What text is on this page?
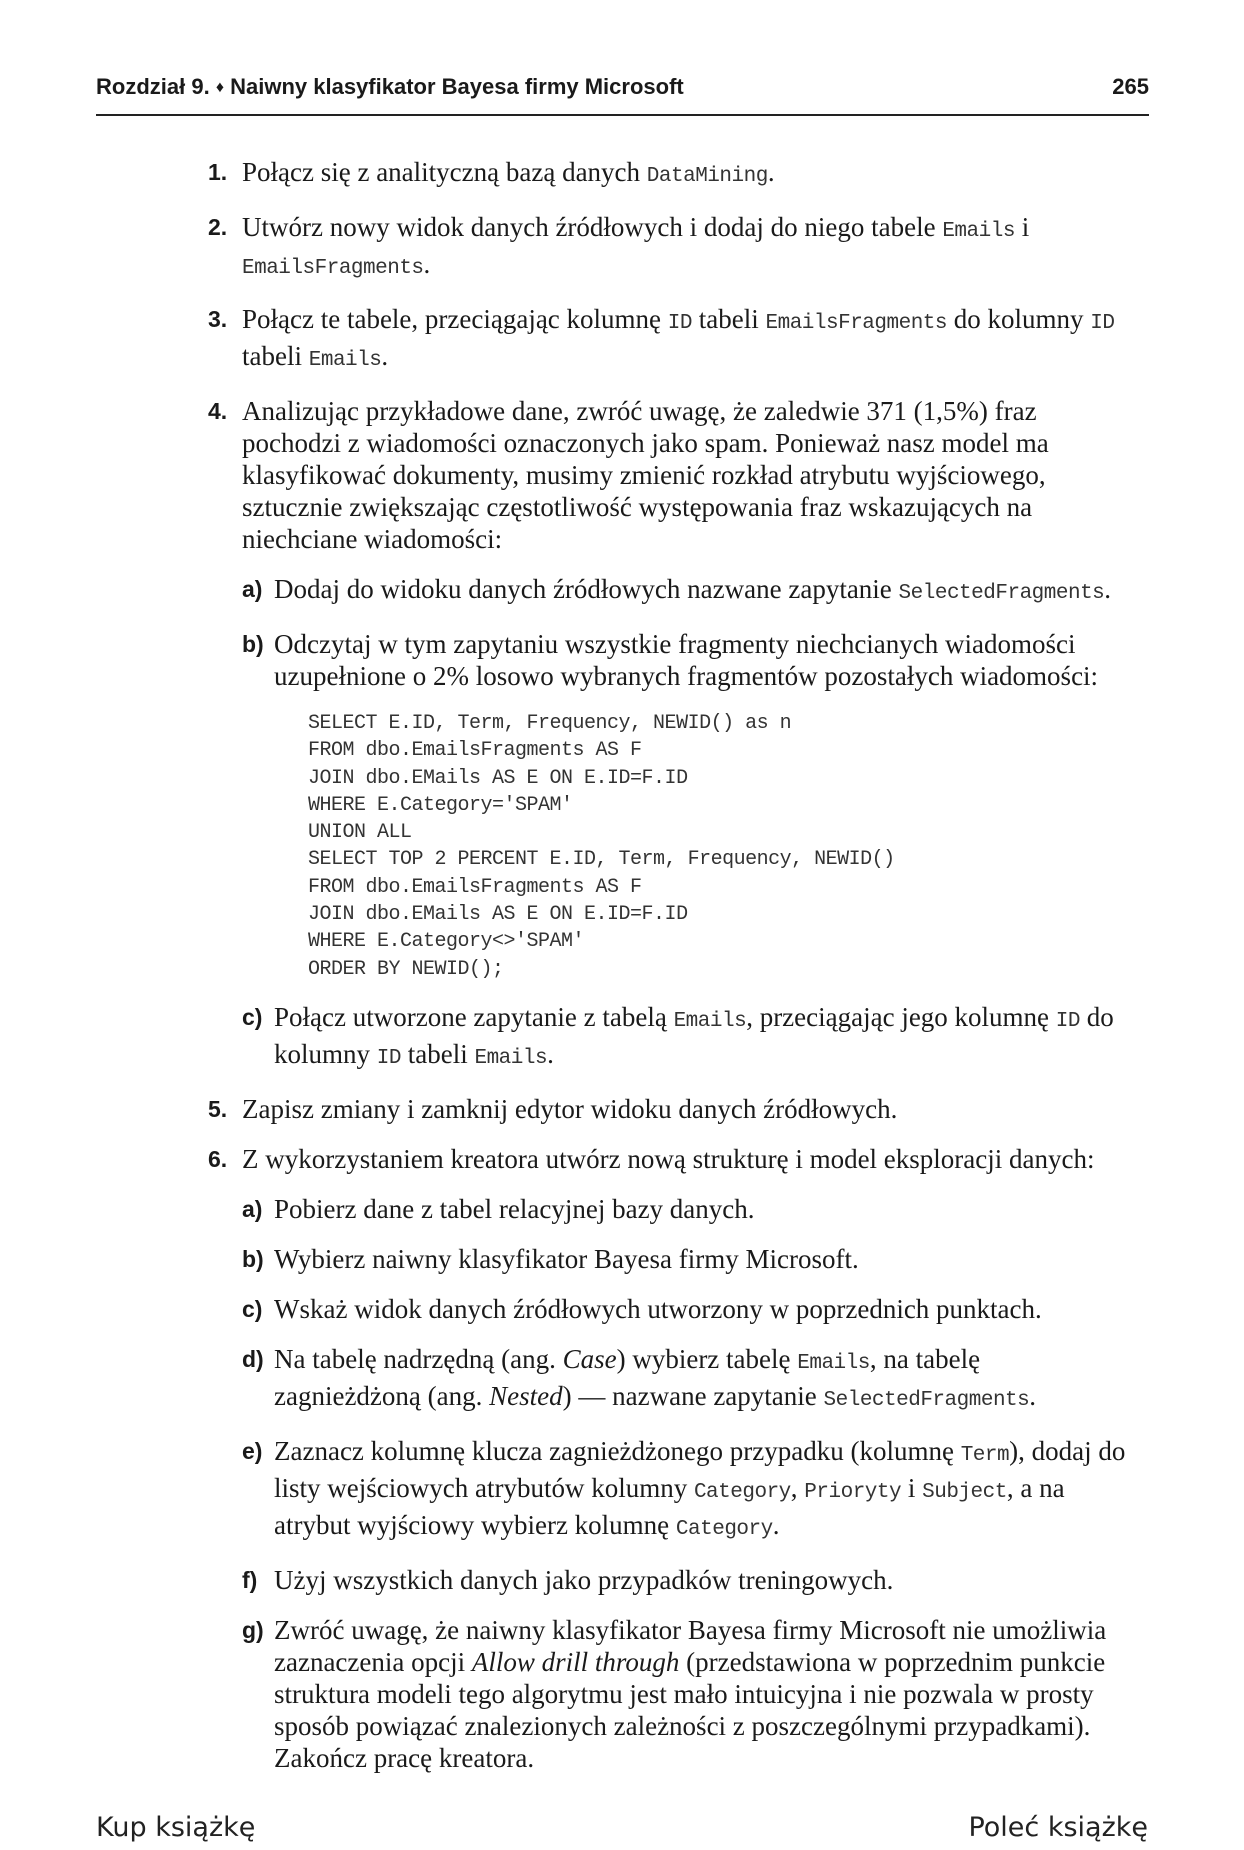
Rozdział 9. ♦ Naiwny klasyfikator Bayesa firmy Microsoft	265
1. Połącz się z analityczną bazą danych DataMining.
2. Utwórz nowy widok danych źródłowych i dodaj do niego tabele Emails i EmailsFragments.
3. Połącz te tabele, przeciągając kolumnę ID tabeli EmailsFragments do kolumny ID tabeli Emails.
4. Analizując przykładowe dane, zwróć uwagę, że zaledwie 371 (1,5%) fraz pochodzi z wiadomości oznaczonych jako spam. Ponieważ nasz model ma klasyfikować dokumenty, musimy zmienić rozkład atrybutu wyjściowego, sztucznie zwiększając częstotliwość występowania fraz wskazujących na niechciane wiadomości:
a) Dodaj do widoku danych źródłowych nazwane zapytanie SelectedFragments.
b) Odczytaj w tym zapytaniu wszystkie fragmenty niechcianych wiadomości uzupełnione o 2% losowo wybranych fragmentów pozostałych wiadomości:
SELECT E.ID, Term, Frequency, NEWID() as n
FROM dbo.EmailsFragments AS F
JOIN dbo.EMails AS E ON E.ID=F.ID
WHERE E.Category='SPAM'
UNION ALL
SELECT TOP 2 PERCENT E.ID, Term, Frequency, NEWID()
FROM dbo.EmailsFragments AS F
JOIN dbo.EMails AS E ON E.ID=F.ID
WHERE E.Category<>'SPAM'
ORDER BY NEWID();
c) Połącz utworzone zapytanie z tabelą Emails, przeciągając jego kolumnę ID do kolumny ID tabeli Emails.
5. Zapisz zmiany i zamknij edytor widoku danych źródłowych.
6. Z wykorzystaniem kreatora utwórz nową strukturę i model eksploracji danych:
a) Pobierz dane z tabel relacyjnej bazy danych.
b) Wybierz naiwny klasyfikator Bayesa firmy Microsoft.
c) Wskaż widok danych źródłowych utworzony w poprzednich punktach.
d) Na tabelę nadrzędną (ang. Case) wybierz tabelę Emails, na tabelę zagnieżdżoną (ang. Nested) — nazwane zapytanie SelectedFragments.
e) Zaznacz kolumnę klucza zagnieżdżonego przypadku (kolumnę Term), dodaj do listy wejściowych atrybutów kolumny Category, Prioryty i Subject, a na atrybut wyjściowy wybierz kolumnę Category.
f) Użyj wszystkich danych jako przypadków treningowych.
g) Zwróć uwagę, że naiwny klasyfikator Bayesa firmy Microsoft nie umożliwia zaznaczenia opcji Allow drill through (przedstawiona w poprzednim punkcie struktura modeli tego algorytmu jest mało intuicyjna i nie pozwala w prosty sposób powiązać znalezionych zależności z poszczególnymi przypadkami). Zakończ pracę kreatora.
Kup książkę	Poleć książkę
